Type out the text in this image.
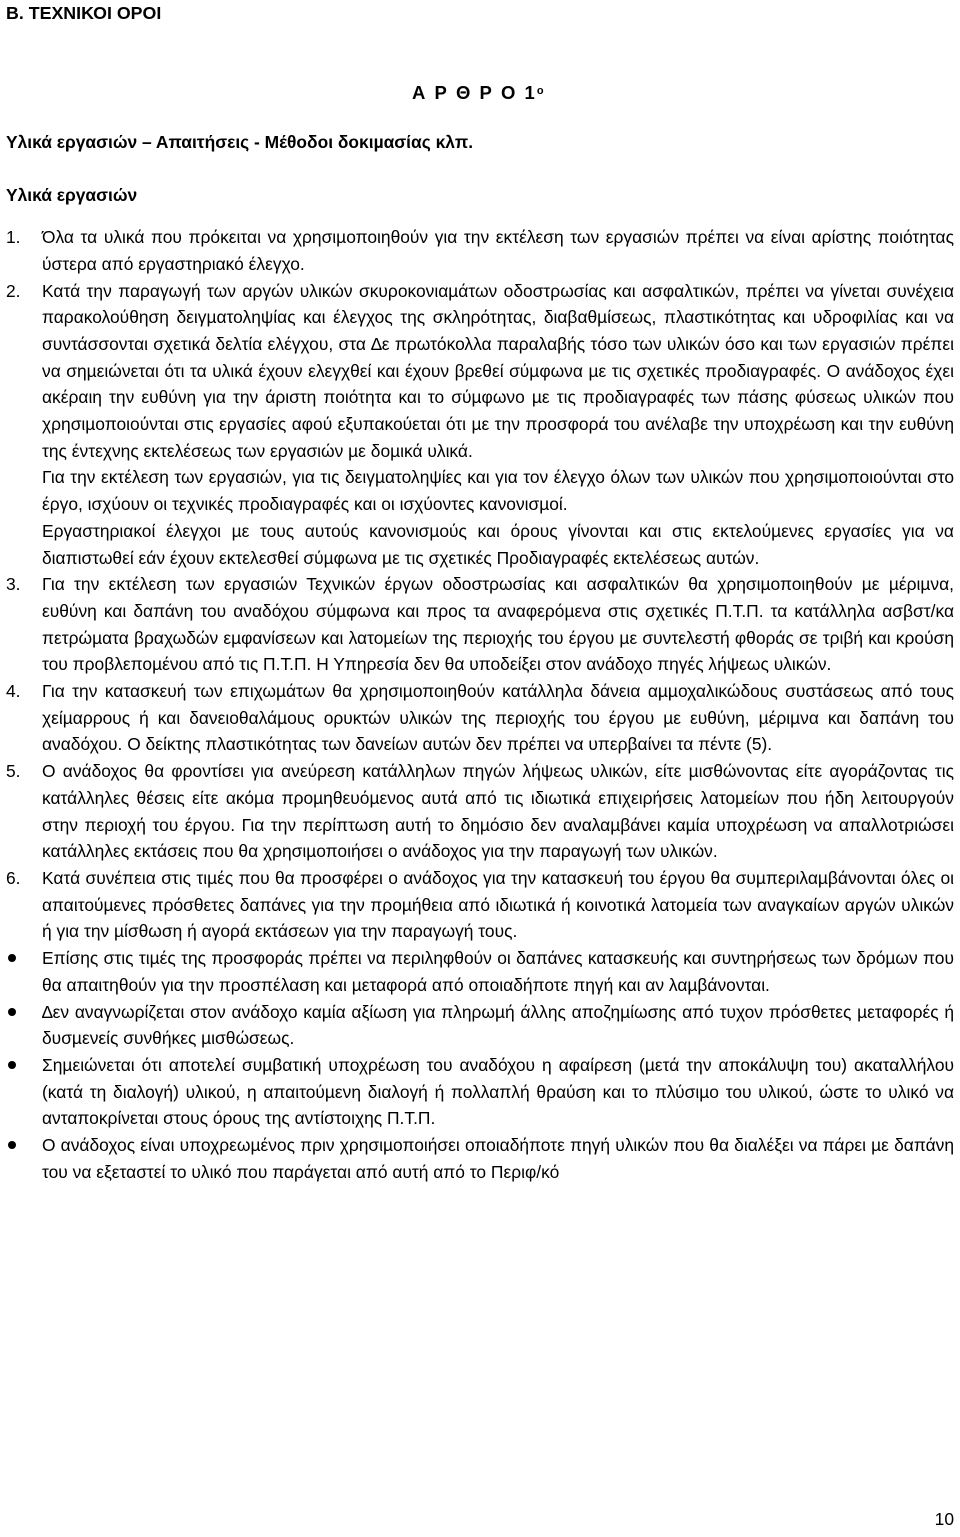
Β. ΤΕΧΝΙΚΟΙ ΟΡΟΙ
Α Ρ Θ Ρ Ο $1^o$
Υλικά εργασιών – Απαιτήσεις - Μέθοδοι δοκιµασίας κλπ.
Υλικά εργασιών
1.	Όλα τα υλικά που πρόκειται να χρησιµοποιηθούν για την εκτέλεση των εργασιών πρέπει να είναι αρίστης ποιότητας ύστερα από εργαστηριακό έλεγχο.

2.	Κατά την παραγωγή των αργών υλικών σκυροκονιαµάτων οδοστρωσίας και ασφαλτικών, πρέπει να γίνεται συνέχεια παρακολούθηση δειγµατοληψίας και έλεγχος της σκληρότητας, διαβαθµίσεως, πλαστικότητας και υδροφιλίας και να συντάσσονται σχετικά δελτία ελέγχου, στα ∆ε πρωτόκολλα παραλαβής τόσο των υλικών όσο και των εργασιών πρέπει να σηµειώνεται ότι τα υλικά έχουν ελεγχθεί και έχουν βρεθεί σύµφωνα µε τις σχετικές προδιαγραφές. Ο ανάδοχος έχει ακέραιη την ευθύνη για την άριστη ποιότητα και το σύµφωνο µε τις προδιαγραφές των πάσης φύσεως υλικών που χρησιµοποιούνται στις εργασίες αφού εξυπακούεται ότι µε την προσφορά του ανέλαβε την υποχρέωση και την ευθύνη της έντεχνης εκτελέσεως των εργασιών µε δοµικά υλικά.

Για την εκτέλεση των εργασιών, για τις δειγµατοληψίες και για τον έλεγχο όλων των υλικών που χρησιµοποιούνται στο έργο, ισχύουν οι τεχνικές προδιαγραφές και οι ισχύοντες κανονισµοί.

Εργαστηριακοί έλεγχοι µε τους αυτούς κανονισµούς και όρους γίνονται και στις εκτελούµενες εργασίες για να διαπιστωθεί εάν έχουν εκτελεσθεί σύµφωνα µε τις σχετικές Προδιαγραφές εκτελέσεως αυτών.

3.	Για την εκτέλεση των εργασιών Τεχνικών έργων οδοστρωσίας και ασφαλτικών θα χρησιµοποιηθούν µε µέριµνα, ευθύνη και δαπάνη του αναδόχου σύµφωνα και προς τα αναφερόµενα στις σχετικές Π.Τ.Π. τα κατάλληλα ασβστ/κα πετρώµατα βραχωδών εµφανίσεων και λατοµείων της περιοχής του έργου µε συντελεστή φθοράς σε τριβή και κρούση του προβλεποµένου από τις Π.Τ.Π. Η Υπηρεσία δεν θα υποδείξει στον ανάδοχο πηγές λήψεως υλικών.

4.	Για την κατασκευή των επιχωµάτων θα χρησιµοποιηθούν κατάλληλα δάνεια αµµοχαλικώδους συστάσεως από τους χείµαρρους ή και δανειοθαλάµους ορυκτών υλικών της περιοχής του έργου µε ευθύνη, µέριµνα και δαπάνη του αναδόχου. Ο δείκτης πλαστικότητας των δανείων αυτών δεν πρέπει να υπερβαίνει τα πέντε (5).

5.	Ο ανάδοχος θα φροντίσει για ανεύρεση κατάλληλων πηγών λήψεως υλικών, είτε µισθώνοντας είτε αγοράζοντας τις κατάλληλες θέσεις είτε ακόµα προµηθευόµενος αυτά από τις ιδιωτικά επιχειρήσεις λατοµείων που ήδη λειτουργούν στην περιοχή του έργου. Για την περίπτωση αυτή το δηµόσιο δεν αναλαµβάνει καµία υποχρέωση να απαλλοτριώσει κατάλληλες εκτάσεις που θα χρησιµοποιήσει ο ανάδοχος για την παραγωγή των υλικών.

6.	Κατά συνέπεια στις τιµές που θα προσφέρει ο ανάδοχος για την κατασκευή του έργου θα συµπεριλαµβάνονται όλες οι απαιτούµενες πρόσθετες δαπάνες για την προµήθεια από ιδιωτικά ή κοινοτικά λατοµεία των αναγκαίων αργών υλικών ή για την µίσθωση ή αγορά εκτάσεων για την παραγωγή τους.

Επίσης στις τιµές της προσφοράς πρέπει να περιληφθούν οι δαπάνες κατασκευής και συντηρήσεως των δρόµων που θα απαιτηθούν για την προσπέλαση και µεταφορά από οποιαδήποτε πηγή και αν λαµβάνονται.
∆εν αναγνωρίζεται στον ανάδοχο καµία αξίωση για πληρωµή άλλης αποζηµίωσης από τυχον πρόσθετες µεταφορές ή δυσµενείς συνθήκες µισθώσεως.
Σηµειώνεται ότι αποτελεί συµβατική υποχρέωση του αναδόχου η αφαίρεση (µετά την αποκάλυψη του) ακαταλλήλου (κατά τη διαλογή) υλικού, η απαιτούµενη διαλογή ή πολλαπλή θραύση και το πλύσιµο του υλικού, ώστε το υλικό να ανταποκρίνεται στους όρους της αντίστοιχης Π.Τ.Π.
Ο ανάδοχος είναι υποχρεωµένος πριν χρησιµοποιήσει οποιαδήποτε πηγή υλικών που θα διαλέξει να πάρει µε δαπάνη του να εξεταστεί το υλικό που παράγεται από αυτή από το Περιφ/κό
10
